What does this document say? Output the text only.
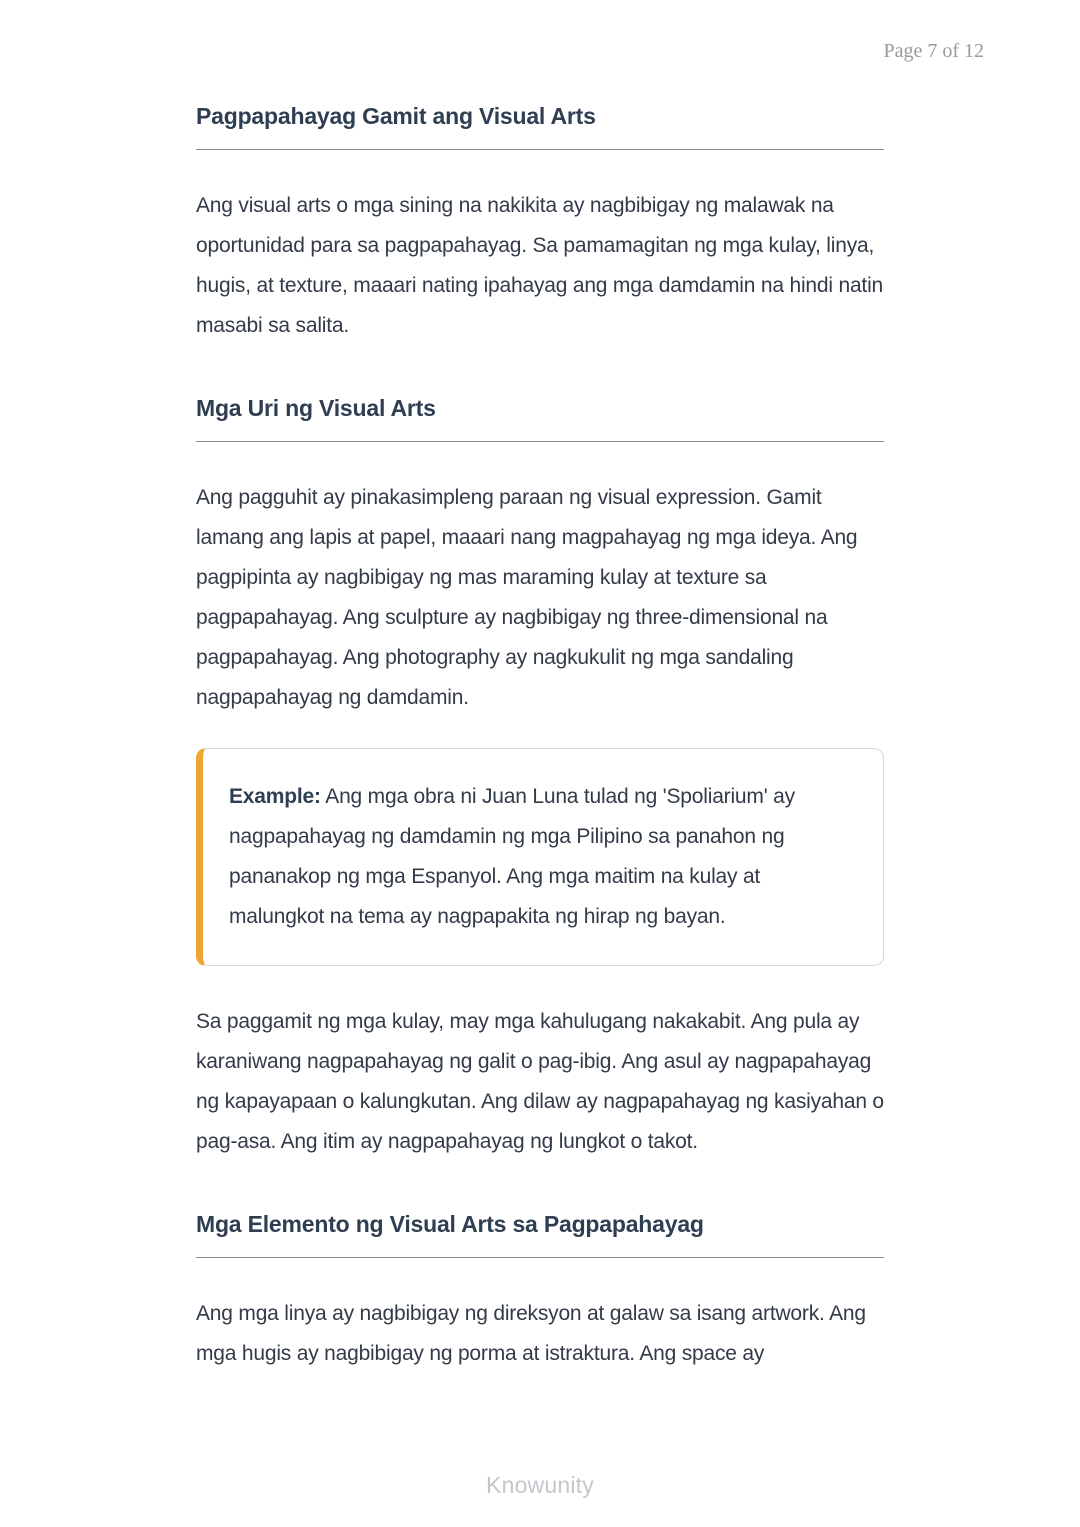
Page 7 of 12
Pagpapahayag Gamit ang Visual Arts

Ang visual arts o mga sining na nakikita ay nagbibigay ng malawak na oportunidad para sa pagpapahayag. Sa pamamagitan ng mga kulay, linya, hugis, at texture, maaari nating ipahayag ang mga damdamin na hindi natin masabi sa salita.

Mga Uri ng Visual Arts

Ang pagguhit ay pinakasimpleng paraan ng visual expression. Gamit lamang ang lapis at papel, maaari nang magpahayag ng mga ideya. Ang pagpipinta ay nagbibigay ng mas maraming kulay at texture sa pagpapahayag. Ang sculpture ay nagbibigay ng three-dimensional na pagpapahayag. Ang photography ay nagkukulit ng mga sandaling nagpapahayag ng damdamin.

Example: Ang mga obra ni Juan Luna tulad ng 'Spoliarium' ay nagpapahayag ng damdamin ng mga Pilipino sa panahon ng pananakop ng mga Espanyol. Ang mga maitim na kulay at malungkot na tema ay nagpapakita ng hirap ng bayan.

Sa paggamit ng mga kulay, may mga kahulugang nakakabit. Ang pula ay karaniwang nagpapahayag ng galit o pag-ibig. Ang asul ay nagpapahayag ng kapayapaan o kalungkutan. Ang dilaw ay nagpapahayag ng kasiyahan o pag-asa. Ang itim ay nagpapahayag ng lungkot o takot.

Mga Elemento ng Visual Arts sa Pagpapahayag

Ang mga linya ay nagbibigay ng direksyon at galaw sa isang artwork. Ang mga hugis ay nagbibigay ng porma at istraktura. Ang space ay

Knowunity
